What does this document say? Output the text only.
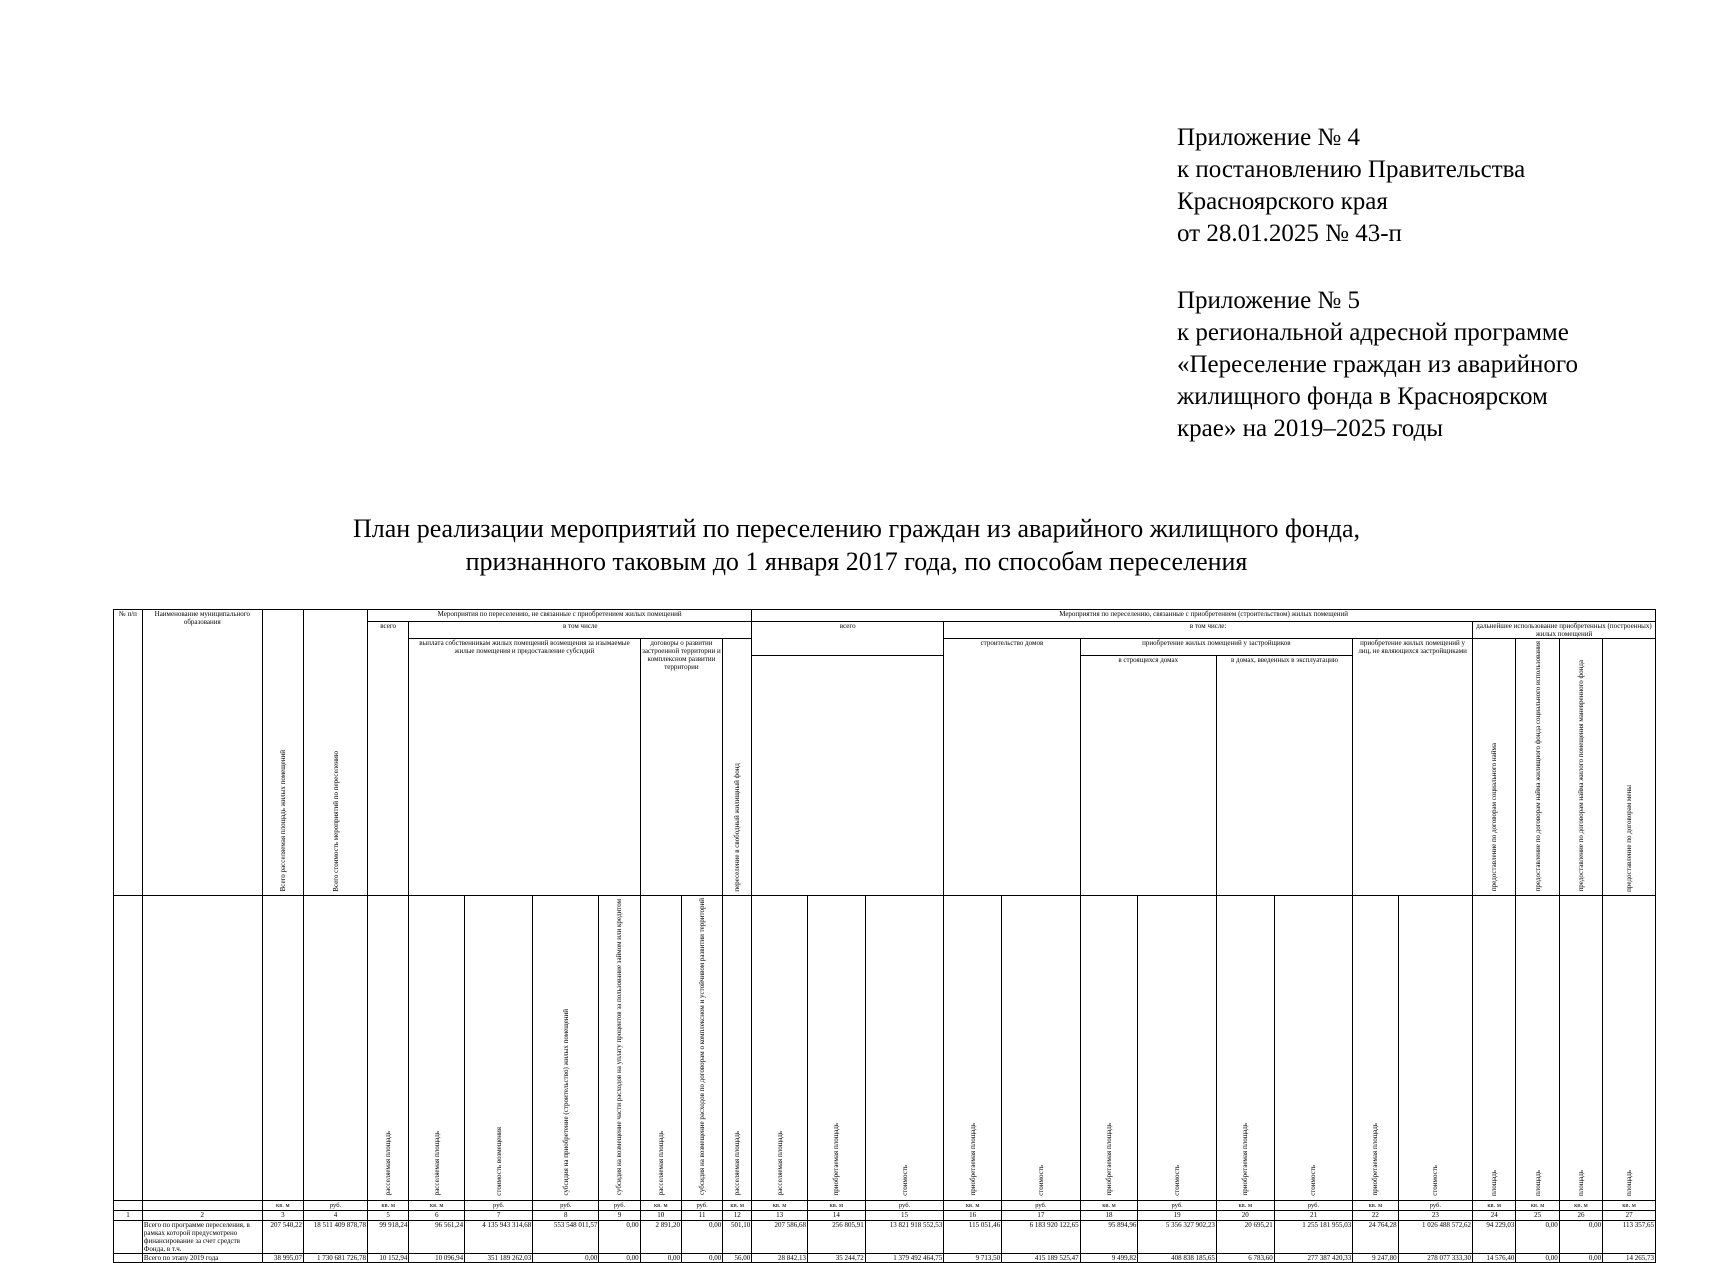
Приложение № 4
к постановлению Правительства
Красноярского края
от 28.01.2025 № 43-п
Приложение № 5
к региональной адресной программе
«Переселение граждан из аварийного
жилищного фонда в Красноярском
крае» на 2019–2025 годы
План реализации мероприятий по переселению граждан из аварийного жилищного фонда,
признанного таковым до 1 января 2017 года, по способам переселения
№ п/п	Наименование муниципального образования	Всего расселяемая площадь жилых помещений	Всего стоимость мероприятий по переселению	Мероприятия по переселению, не связанные с приобретением жилых помещений								Мероприятия по переселению, связанные с приобретением (строительством) жилых помещений														
				всего	в том числе							всего			в том числе:								дальнейшее использование приобретенных (построенных) жилых помещений			
					выплата собственникам жилых помещений возмещения за изымаемые жилые помещения и предоставление субсидий				договоры о развитии застроенной территории и комплексном развитии территории		переселение в свободный жилищный фонд				строительство домов		приобретение жилых помещений у застройщиков				приобретение жилых помещений у лиц, не являющихся застройщиками		предоставление по договорам социального найма	предоставление по договорам найма жилищного фонда социального использования	предоставление по договорам найма жилого помещения маневренного фонда	предоставление по договорам мены
																	в строящихся домах		в домах, введенных в эксплуатацию							
				расселяемая площадь	расселяемая площадь	стоимость возмещения	субсидия на приобретение (строительство) жилых помещений	субсидия на возмещение части расходов на уплату процентов за пользование займом или кредитом	расселяемая площадь	субсидия на возмещение расходов по договорам о комплексном и устойчивом развитии территорий	расселяемая площадь	расселяемая площадь	приобретаемая площадь	стоимость	приобретаемая площадь	стоимость	приобретаемая площадь	стоимость	приобретаемая площадь	стоимость	приобретаемая площадь	стоимость	площадь	площадь	площадь	площадь
		кв. м	руб.	кв. м	кв. м	руб.	руб.	руб.	кв. м	руб.	кв. м	кв. м	кв. м	руб.	кв. м	руб.	кв. м	руб.	кв. м	руб.	кв. м	руб.	кв. м	кв. м	кв. м	кв. м
1	2	3	4	5	6	7	8	9	10	11	12	13	14	15	16	17	18	19	20	21	22	23	24	25	26	27
	Всего по программе переселения, в рамках которой предусмотрено финансирование за счет средств Фонда, в т.ч.	207 540,22	18 511 409 878,78	99 918,24	96 561,24	4 135 943 314,68	553 548 011,57	0,00	2 891,20	0,00	501,10	207 586,68	256 805,91	13 821 918 552,53	115 051,46	6 183 920 122,65	95 894,96	5 356 327 902,23	20 695,21	1 255 181 955,03	24 764,28	1 026 488 572,62	94 229,03	0,00	0,00	113 357,65
	Всего по этапу 2019 года	38 995,07	1 730 681 726,78	10 152,94	10 096,94	351 189 262,03	0,00	0,00	0,00	0,00	56,00	28 842,13	35 244,72	1 379 492 464,75	9 713,50	415 189 525,47	9 499,82	408 838 185,65	6 783,60	277 387 420,33	9 247,80	278 077 333,30	14 576,40	0,00	0,00	14 265,73
